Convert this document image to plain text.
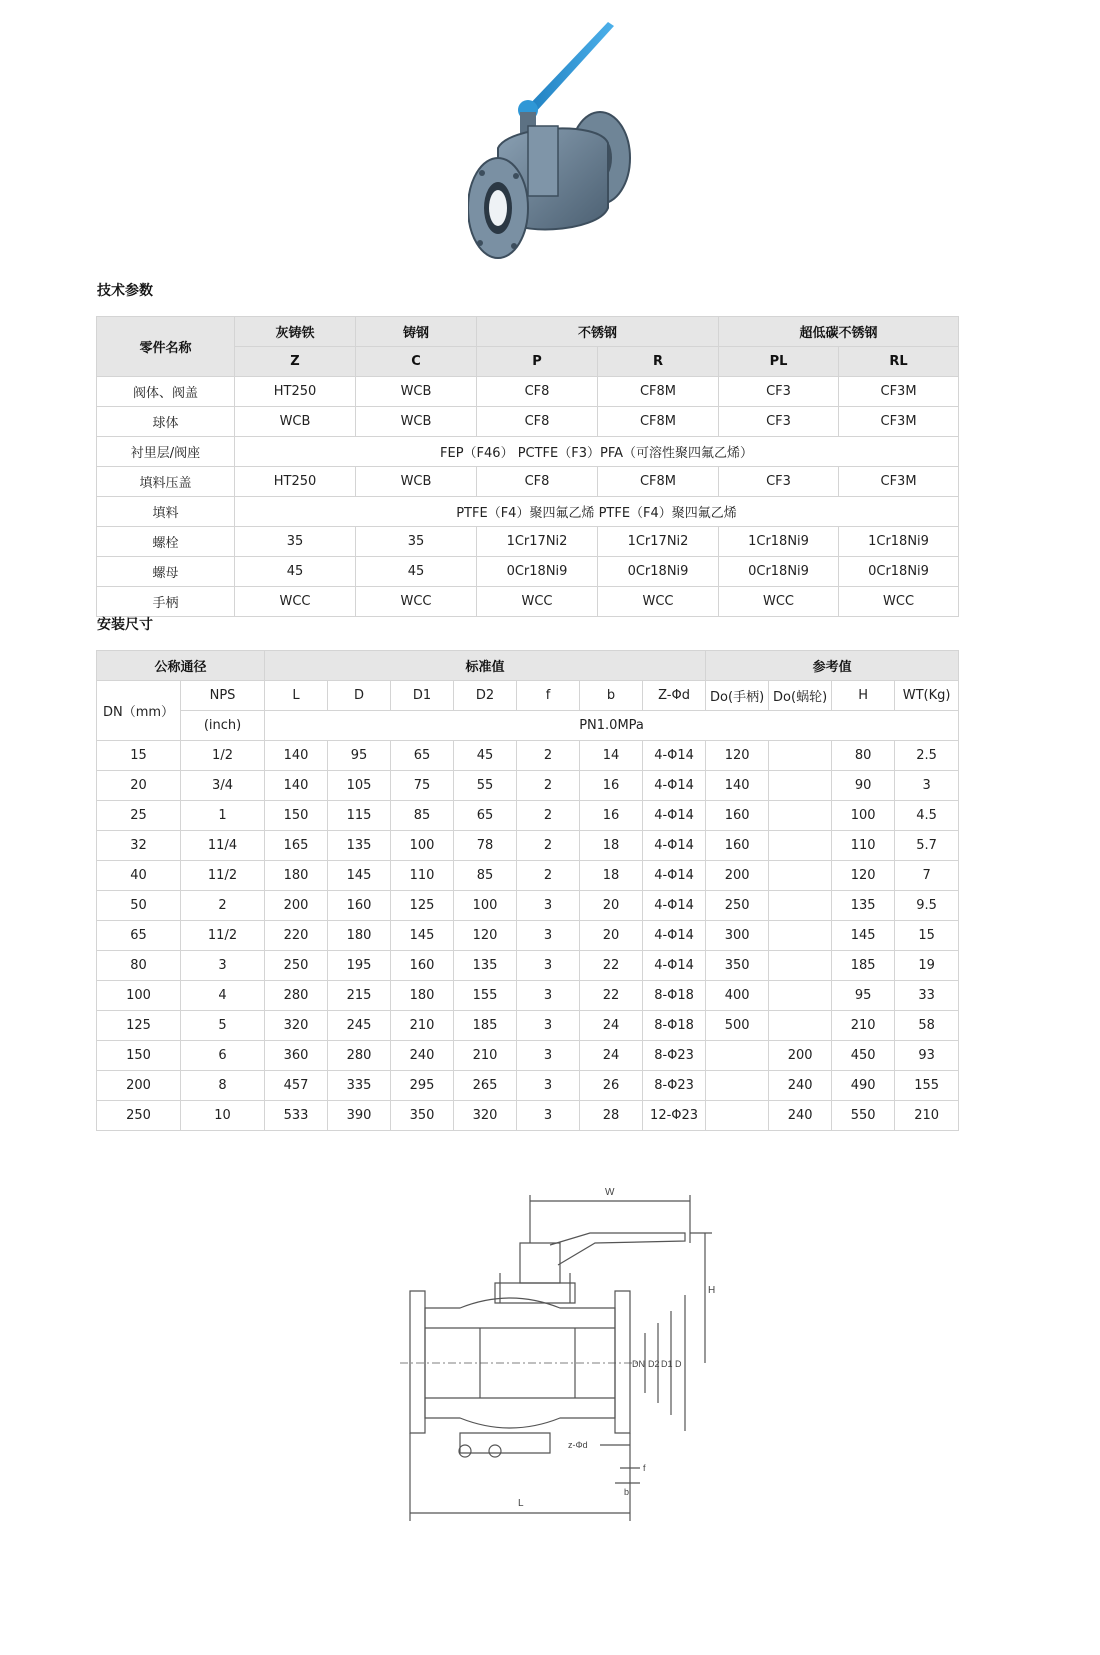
技术参数
零件名称	灰铸铁	铸钢	不锈钢		超低碳不锈钢	
	Z	C	P	R	PL	RL
阀体、阀盖	HT250	WCB	CF8	CF8M	CF3	CF3M
球体	WCB	WCB	CF8	CF8M	CF3	CF3M
衬里层/阀座	FEP（F46） PCTFE（F3）PFA（可溶性聚四氟乙烯）					
填料压盖	HT250	WCB	CF8	CF8M	CF3	CF3M
填料	PTFE（F4）聚四氟乙烯 PTFE（F4）聚四氟乙烯					
螺栓	35	35	1Cr17Ni2	1Cr17Ni2	1Cr18Ni9	1Cr18Ni9
螺母	45	45	0Cr18Ni9	0Cr18Ni9	0Cr18Ni9	0Cr18Ni9
手柄	WCC	WCC	WCC	WCC	WCC	WCC
安装尺寸
公称通径		标准值							参考值			
DN（mm）	NPS	L	D	D1	D2	f	b	Z-Φd	Do(手柄)	Do(蜗轮)	H	WT(Kg)
	(inch)	PN1.0MPa										
15	1/2	140	95	65	45	2	14	4-Φ14	120		80	2.5
20	3/4	140	105	75	55	2	16	4-Φ14	140		90	3
25	1	150	115	85	65	2	16	4-Φ14	160		100	4.5
32	11/4	165	135	100	78	2	18	4-Φ14	160		110	5.7
40	11/2	180	145	110	85	2	18	4-Φ14	200		120	7
50	2	200	160	125	100	3	20	4-Φ14	250		135	9.5
65	11/2	220	180	145	120	3	20	4-Φ14	300		145	15
80	3	250	195	160	135	3	22	4-Φ14	350		185	19
100	4	280	215	180	155	3	22	8-Φ18	400		95	33
125	5	320	245	210	185	3	24	8-Φ18	500		210	58
150	6	360	280	240	210	3	24	8-Φ23		200	450	93
200	8	457	335	295	265	3	26	8-Φ23		240	490	155
250	10	533	390	350	320	3	28	12-Φ23		240	550	210
W
H
DN D2 D1 D
z-Φd
f
b
L
